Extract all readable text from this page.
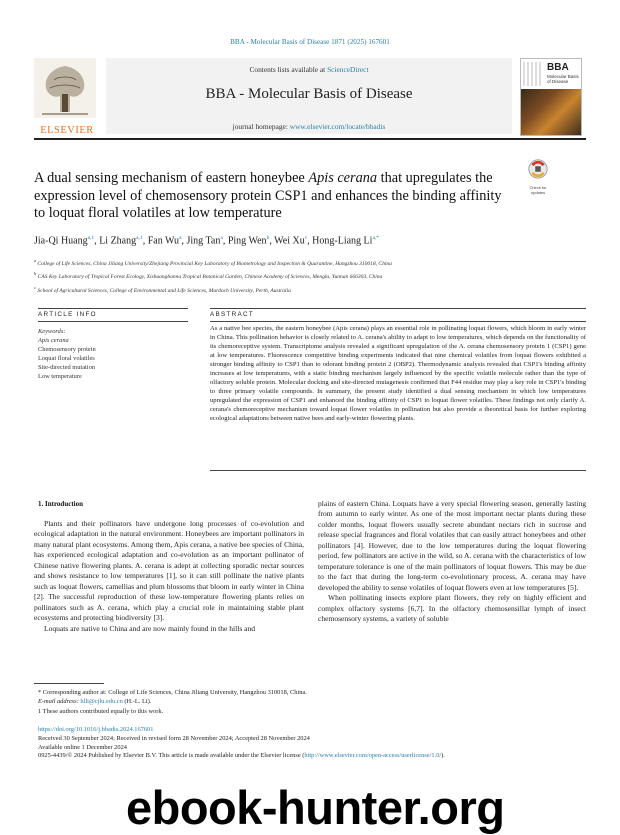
BBA - Molecular Basis of Disease 1871 (2025) 167601
ELSEVIER
Contents lists available at ScienceDirect
BBA - Molecular Basis of Disease
journal homepage: www.elsevier.com/locate/bbadis
BBA
Molecular Basis of Disease
A dual sensing mechanism of eastern honeybee Apis cerana that upregulates the expression level of chemosensory protein CSP1 and enhances the binding affinity to loquat floral volatiles at low temperature
Check for updates
Jia-Qi Huang$^{a,1}$, Li Zhang$^{a,1}$, Fan Wu$^a$, Jing Tan$^a$, Ping Wen$^b$, Wei Xu$^c$, Hong-Liang $Li^{a,*}$
$^a$ College of Life Sciences, China Jiliang University/Zhejiang Provincial Key Laboratory of Biometrology and Inspection & Quarantine, Hangzhou 310018, China
$^b$ CAS Key Laboratory of Tropical Forest Ecology, Xishuangbanna Tropical Botanical Garden, Chinese Academy of Sciences, Mengla, Yunnan 666303, China
$^c$ School of Agricultural Sciences, College of Environmental and Life Sciences, Murdoch University, Perth, Australia
ARTICLE INFO	ABSTRACT
Keywords:
Apis cerana
Chemosensory protein
Loquat floral volatiles
Site-directed mutation
Low temperature
As a native bee species, the eastern honeybee (Apis cerana) plays an essential role in pollinating loquat flowers, which bloom in early winter in China. This pollination behavior is closely related to A. cerana's ability to adapt to low temperatures, which depends on the functionality of its chemoreceptive system. Transcriptome analysis revealed a significant upregulation of the A. cerana chemosensory protein 1 (CSP1) gene at low temperatures. Fluorescence competitive binding experiments indicated that nine chemical volatiles from loquat flowers exhibited a stronger binding affinity to CSP1 than to odorant binding protein 2 (OBP2). Thermodynamic analysis revealed that CSP1's binding affinity increases at low temperatures, with a static binding mechanism largely influenced by the specific volatile molecule rather than the type of olfactory soluble protein. Molecular docking and site-directed mutagenesis confirmed that F44 residue may play a key role in CSP1's binding to three primary volatile compounds. In summary, the present study identified a dual sensing mechanism in which low temperatures upregulated the expression of CSP1 and enhanced the binding affinity of CSP1 to loquat flower volatiles. These findings not only clarify A. cerana's chemoreceptive mechanism toward loquat flower volatiles in pollination but also provide a theoretical basis for further exploring ecological adaptations between native bees and early-winter flowering plants.
1. Introduction

Plants and their pollinators have undergone long processes of co-evolution and ecological adaptation in the natural environment. Honeybees are important pollinators in many natural plant ecosystems. Among them, Apis cerana, a native bee species of China, has experienced ecological adaptation and co-evolution as an important pollinator of Chinese native flowering plants. A. cerana is adept at collecting sporadic nectar sources and shows resistance to low temperatures [1], so it can still pollinate the native plants such as loquat flowers, camellias and plum blossoms that bloom in early winter in China [2]. The successful reproduction of these low-temperature flowering plants relies on pollinators such as A. cerana, which play a crucial role in maintaining stable plant ecosystems and protecting biodiversity [3].

Loquats are native to China and are now mainly found in the hills and

plains of eastern China. Loquats have a very special flowering season, generally lasting from autumn to early winter. As one of the most important nectar plants during these colder months, loquat flowers usually secrete abundant nectars rich in sucrose and release special fragrances and floral volatiles that can easily attract honeybees and other pollinators [4]. However, due to the low temperatures during the loquat flowering period, few pollinators are active in the wild, so A. cerana with the characteristics of low temperature tolerance is one of the main pollinators of loquat flowers. This may be due to the fact that during the long-term co-evolutionary process, A. cerana may have developed the ability to sense volatiles of loquat flowers even at low temperatures [5].

When pollinating insects explore plant flowers, they rely on highly efficient and complex olfactory systems [6,7]. In the olfactory chemosensillar lymph of insect chemosensory systems, a variety of soluble

* Corresponding author at: College of Life Sciences, China Jiliang University, Hangzhou 310018, China.
E-mail address: hlli@cjlu.edu.cn (H.-L. Li).
1 These authors contributed equally to this work.
https://doi.org/10.1016/j.bbadis.2024.167601
Received 30 September 2024; Received in revised form 28 November 2024; Accepted 28 November 2024
Available online 1 December 2024
0925-4439/© 2024 Published by Elsevier B.V. This article is made available under the Elsevier license (http://www.elsevier.com/open-access/userlicense/1.0/).
ebook-hunter.org
